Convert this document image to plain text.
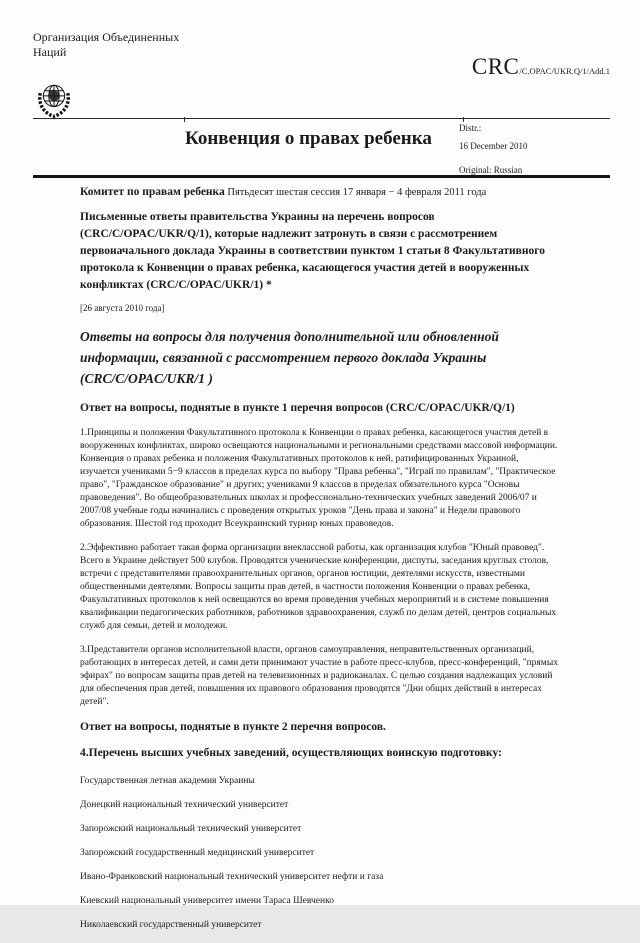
Организация Объединенных Наций
CRC/C.OPAC/UKR.Q/1/Add.1
Конвенция о правах ребенка	Distr.:
16 December 2010
Original: Russian
Комитет по правам ребенка Пятьдесят шестая сессия 17 января − 4 февраля 2011 года
Письменные ответы правительства Украины на перечень вопросов (CRC/C/OPAC/UKR/Q/1), которые надлежит затронуть в связи с рассмотрением первоначального доклада Украины в соответствии пунктом 1 статьи 8 Факультативного протокола к Конвенции о правах ребенка, касающегося участия детей в вооруженных конфликтах (CRC/C/OPAC/UKR/1) *
[26 августа 2010 года]
Ответы на вопросы для получения дополнительной или обновленной информации, связанной с рассмотрением первого доклада Украины (CRC/C/OPAC/UKR/1 )
Ответ на вопросы, поднятые в пункте 1 перечня вопросов (CRC/C/OPAC/UKR/Q/1)

1.Принципы и положения Факультативного протокола к Конвенции о правах ребенка, касающегося участия детей в вооруженных конфликтах, широко освещаются национальными и региональными средствами массовой информации. Конвенция о правах ребенка и положения Факультативных протоколов к ней, ратифицированных Украиной, изучается учениками 5−9 классов в пределах курса по выбору "Права ребенка", "Играй по правилам", "Практическое право", "Гражданское образование" и других; учениками 9 классов в пределах обязательного курса "Основы правоведения". Во общеобразовательных школах и профессионально-технических учебных заведений 2006/07 и 2007/08 учебные годы начинались с проведения открытых уроков "День права и закона" и Недели правового образования. Шестой год проходит Всеукраинский турнир юных правоведов.

2.Эффективно работает такая форма организации внеклассной работы, как организация клубов "Юный правовед". Всего в Украине действует 500 клубов. Проводятся ученические конференции, диспуты, заседания круглых столов, встречи с представителями правоохранительных органов, органов юстиции, деятелями искусств, известными общественными деятелями. Вопросы защиты прав детей, в частности положения Конвенции о правах ребенка, Факультативных протоколов к ней освещаются во время проведения учебных мероприятий и в системе повышения квалификации педагогических работников, работников здравоохранения, служб по делам детей, центров социальных служб для семьи, детей и молодежи.

3.Представители органов исполнительной власти, органов самоуправления, неправительственных организаций, работающих в интересах детей, и сами дети принимают участие в работе пресс-клубов, пресс-конференций, "прямых эфирах" по вопросам защиты прав детей на телевизионных и радиоканалах. С целью создания надлежащих условий для обеспечения прав детей, повышения их правового образования проводятся "Дни общих действий в интересах детей".

Ответ на вопросы, поднятые в пункте 2 перечня вопросов.
4.Перечень высших учебных заведений, осуществляющих воинскую подготовку:
Государственная летная академия Украины
Донецкий национальный технический университет
Запорожский национальный технический университет
Запорожский государственный медицинский университет
Ивано-Франковский национальный технический университет нефти и газа
Киевский национальный университет имени Тараса Шевченко
Николаевский государственный университет
